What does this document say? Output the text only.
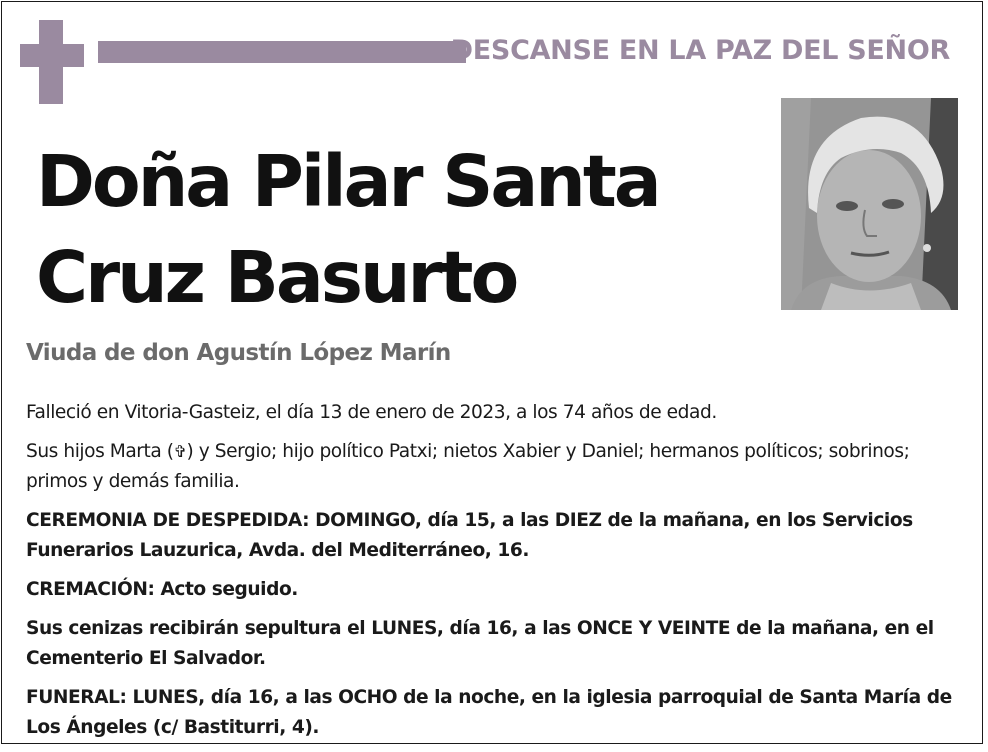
DESCANSE EN LA PAZ DEL SEÑOR
Doña Pilar Santa
Cruz Basurto
Viuda de don Agustín López Marín

Falleció en Vitoria-Gasteiz, el día 13 de enero de 2023, a los 74 años de edad.

Sus hijos Marta (✞) y Sergio; hijo político Patxi; nietos Xabier y Daniel; hermanos políticos; sobrinos; primos y demás familia.

CEREMONIA DE DESPEDIDA: DOMINGO, día 15, a las DIEZ de la mañana, en los Servicios Funerarios Lauzurica, Avda. del Mediterráneo, 16.

CREMACIÓN: Acto seguido.

Sus cenizas recibirán sepultura el LUNES, día 16, a las ONCE Y VEINTE de la mañana, en el Cementerio El Salvador.

FUNERAL: LUNES, día 16, a las OCHO de la noche, en la iglesia parroquial de Santa María de Los Ángeles (c/ Bastiturri, 4).
